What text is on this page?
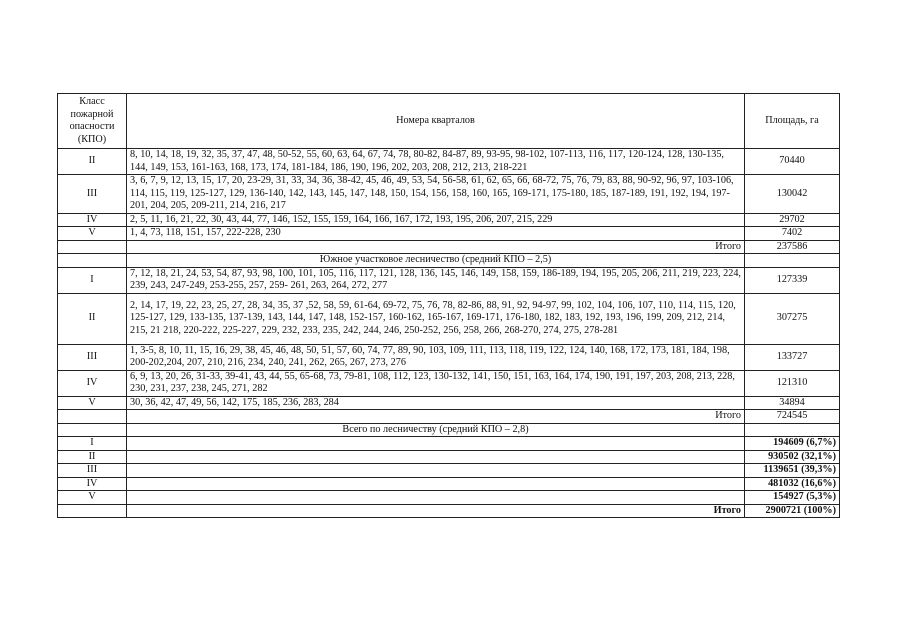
Класс пожарной опасности (КПО)	Номера кварталов	Площадь, га
II	8, 10, 14, 18, 19, 32, 35, 37, 47, 48, 50-52, 55, 60, 63, 64, 67, 74, 78, 80-82, 84-87, 89, 93-95, 98-102, 107-113, 116, 117, 120-124, 128, 130-135, 144, 149, 153, 161-163, 168, 173, 174, 181-184, 186, 190, 196, 202, 203, 208, 212, 213, 218-221	70440
III	3, 6, 7, 9, 12, 13, 15, 17, 20, 23-29, 31, 33, 34, 36, 38-42, 45, 46, 49, 53, 54, 56-58, 61, 62, 65, 66, 68-72, 75, 76, 79, 83, 88, 90-92, 96, 97, 103-106, 114, 115, 119, 125-127, 129, 136-140, 142, 143, 145, 147, 148, 150, 154, 156, 158, 160, 165, 169-171, 175-180, 185, 187-189, 191, 192, 194, 197-201, 204, 205, 209-211, 214, 216, 217	130042
IV	2, 5, 11, 16, 21, 22, 30, 43, 44, 77, 146, 152, 155, 159, 164, 166, 167, 172, 193, 195, 206, 207, 215, 229	29702
V	1, 4, 73, 118, 151, 157, 222-228, 230	7402
	Итого	237586
	Южное участковое лесничество (средний КПО – 2,5)	
I	7, 12, 18, 21, 24, 53, 54, 87, 93, 98, 100, 101, 105, 116, 117, 121, 128, 136, 145, 146, 149, 158, 159, 186-189, 194, 195, 205, 206, 211, 219, 223, 224, 239, 243, 247-249, 253-255, 257, 259- 261, 263, 264, 272, 277	127339
II	2, 14, 17, 19, 22, 23, 25, 27, 28, 34, 35, 37 ,52, 58, 59, 61-64, 69-72, 75, 76, 78, 82-86, 88, 91, 92, 94-97, 99, 102, 104, 106, 107, 110, 114, 115, 120, 125-127, 129, 133-135, 137-139, 143, 144, 147, 148, 152-157, 160-162, 165-167, 169-171, 176-180, 182, 183, 192, 193, 196, 199, 209, 212, 214, 215, 21 218, 220-222, 225-227, 229, 232, 233, 235, 242, 244, 246, 250-252, 256, 258, 266, 268-270, 274, 275, 278-281	307275
III	1, 3-5, 8, 10, 11, 15, 16, 29, 38, 45, 46, 48, 50, 51, 57, 60, 74, 77, 89, 90, 103, 109, 111, 113, 118, 119, 122, 124, 140, 168, 172, 173, 181, 184, 198, 200-202,204, 207, 210, 216, 234, 240, 241, 262, 265, 267, 273, 276	133727
IV	6, 9, 13, 20, 26, 31-33, 39-41, 43, 44, 55, 65-68, 73, 79-81, 108, 112, 123, 130-132, 141, 150, 151, 163, 164, 174, 190, 191, 197, 203, 208, 213, 228, 230, 231, 237, 238, 245, 271, 282	121310
V	30, 36, 42, 47, 49, 56, 142, 175, 185, 236, 283, 284	34894
	Итого	724545
	Всего по лесничеству (средний КПО – 2,8)	
I		194609 (6,7%)
II		930502 (32,1%)
III		1139651 (39,3%)
IV		481032 (16,6%)
V		154927 (5,3%)
	Итого	2900721 (100%)
